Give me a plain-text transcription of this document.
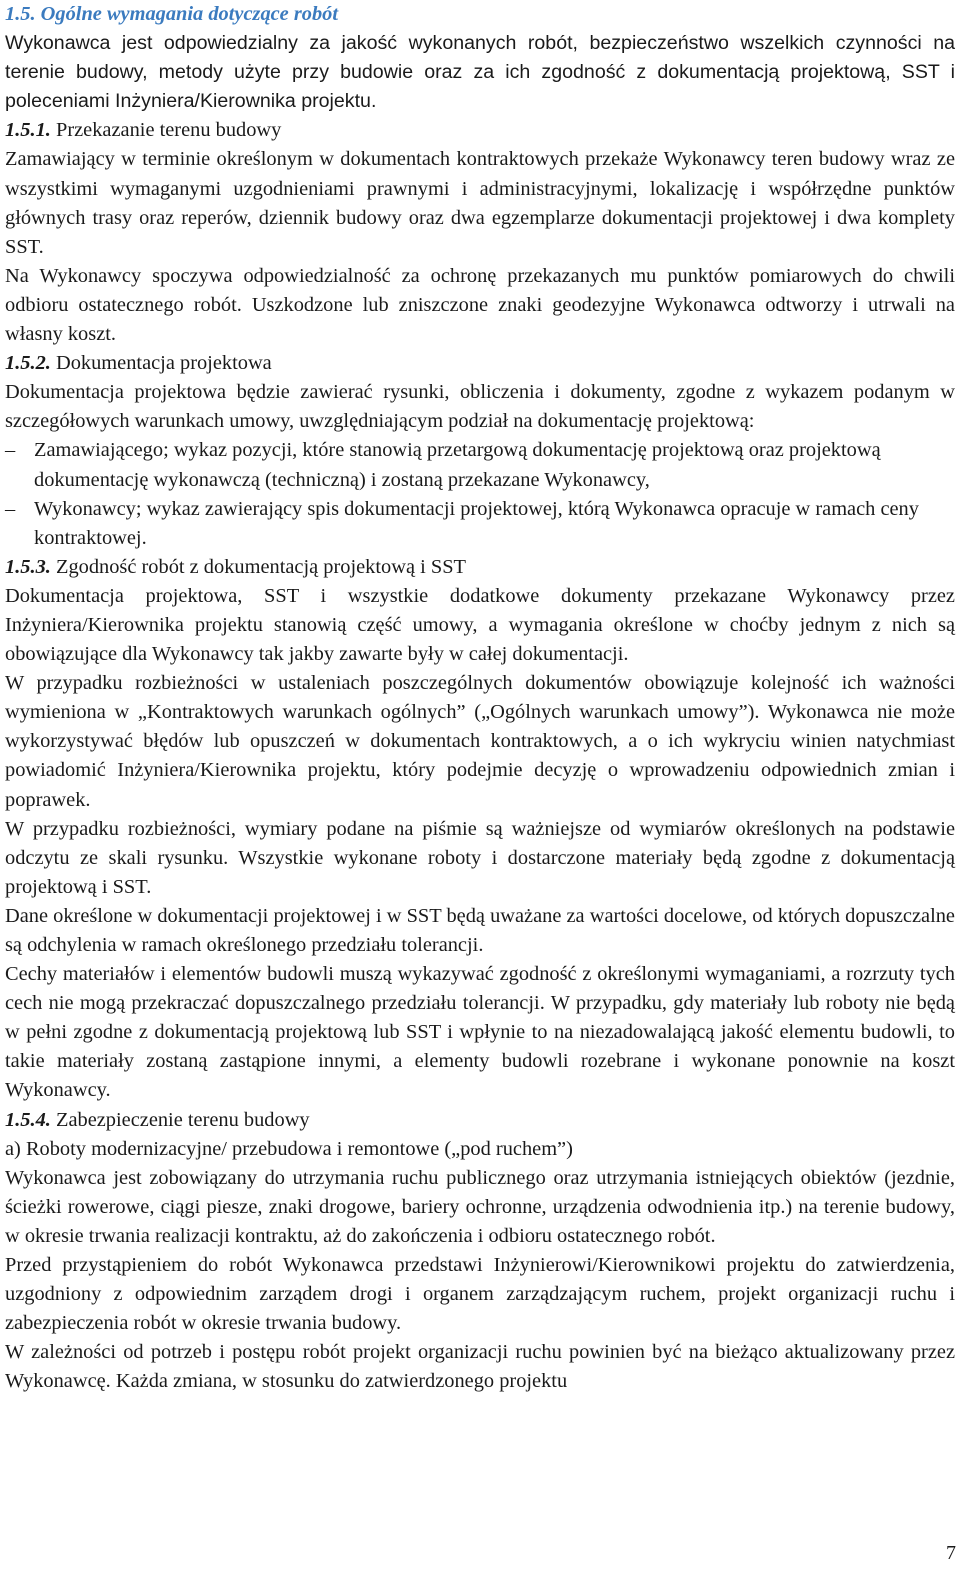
1.5. Ogólne wymagania dotyczące robót

Wykonawca jest odpowiedzialny za jakość wykonanych robót, bezpieczeństwo wszelkich czynności na terenie budowy, metody użyte przy budowie oraz za ich zgodność z dokumentacją projektową, SST i poleceniami Inżyniera/Kierownika projektu.

1.5.1. Przekazanie terenu budowy

Zamawiający w terminie określonym w dokumentach kontraktowych przekaże Wykonawcy teren budowy wraz ze wszystkimi wymaganymi uzgodnieniami prawnymi i administracyjnymi, lokalizację i współrzędne punktów głównych trasy oraz reperów, dziennik budowy oraz dwa egzemplarze dokumentacji projektowej i dwa komplety SST.

Na Wykonawcy spoczywa odpowiedzialność za ochronę przekazanych mu punktów pomiarowych do chwili odbioru ostatecznego robót. Uszkodzone lub zniszczone znaki geodezyjne Wykonawca odtworzy i utrwali na własny koszt.

1.5.2. Dokumentacja projektowa

Dokumentacja projektowa będzie zawierać rysunki, obliczenia i dokumenty, zgodne z wykazem podanym w szczegółowych warunkach umowy, uwzględniającym podział na dokumentację projektową:

– Zamawiającego; wykaz pozycji, które stanowią przetargową dokumentację projektową oraz projektową dokumentację wykonawczą (techniczną) i zostaną przekazane Wykonawcy,
– Wykonawcy; wykaz zawierający spis dokumentacji projektowej, którą Wykonawca opracuje w ramach ceny kontraktowej.
1.5.3. Zgodność robót z dokumentacją projektową i SST

Dokumentacja projektowa, SST i wszystkie dodatkowe dokumenty przekazane Wykonawcy przez Inżyniera/Kierownika projektu stanowią część umowy, a wymagania określone w choćby jednym z nich są obowiązujące dla Wykonawcy tak jakby zawarte były w całej dokumentacji.

W przypadku rozbieżności w ustaleniach poszczególnych dokumentów obowiązuje kolejność ich ważności wymieniona w „Kontraktowych warunkach ogólnych” („Ogólnych warunkach umowy”). Wykonawca nie może wykorzystywać błędów lub opuszczeń w dokumentach kontraktowych, a o ich wykryciu winien natychmiast powiadomić Inżyniera/Kierownika projektu, który podejmie decyzję o wprowadzeniu odpowiednich zmian i poprawek.

W przypadku rozbieżności, wymiary podane na piśmie są ważniejsze od wymiarów określonych na podstawie odczytu ze skali rysunku. Wszystkie wykonane roboty i dostarczone materiały będą zgodne z dokumentacją projektową i SST.

Dane określone w dokumentacji projektowej i w SST będą uważane za wartości docelowe, od których dopuszczalne są odchylenia w ramach określonego przedziału tolerancji.

Cechy materiałów i elementów budowli muszą wykazywać zgodność z określonymi wymaganiami, a rozrzuty tych cech nie mogą przekraczać dopuszczalnego przedziału tolerancji. W przypadku, gdy materiały lub roboty nie będą w pełni zgodne z dokumentacją projektową lub SST i wpłynie to na niezadowalającą jakość elementu budowli, to takie materiały zostaną zastąpione innymi, a elementy budowli rozebrane i wykonane ponownie na koszt Wykonawcy.

1.5.4. Zabezpieczenie terenu budowy

a) Roboty modernizacyjne/ przebudowa i remontowe („pod ruchem”)

Wykonawca jest zobowiązany do utrzymania ruchu publicznego oraz utrzymania istniejących obiektów (jezdnie, ścieżki rowerowe, ciągi piesze, znaki drogowe, bariery ochronne, urządzenia odwodnienia itp.) na terenie budowy, w okresie trwania realizacji kontraktu, aż do zakończenia i odbioru ostatecznego robót.

Przed przystąpieniem do robót Wykonawca przedstawi Inżynierowi/Kierownikowi projektu do zatwierdzenia, uzgodniony z odpowiednim zarządem drogi i organem zarządzającym ruchem, projekt organizacji ruchu i zabezpieczenia robót w okresie trwania budowy.

W zależności od potrzeb i postępu robót projekt organizacji ruchu powinien być na bieżąco aktualizowany przez Wykonawcę. Każda zmiana, w stosunku do zatwierdzonego projektu

7
